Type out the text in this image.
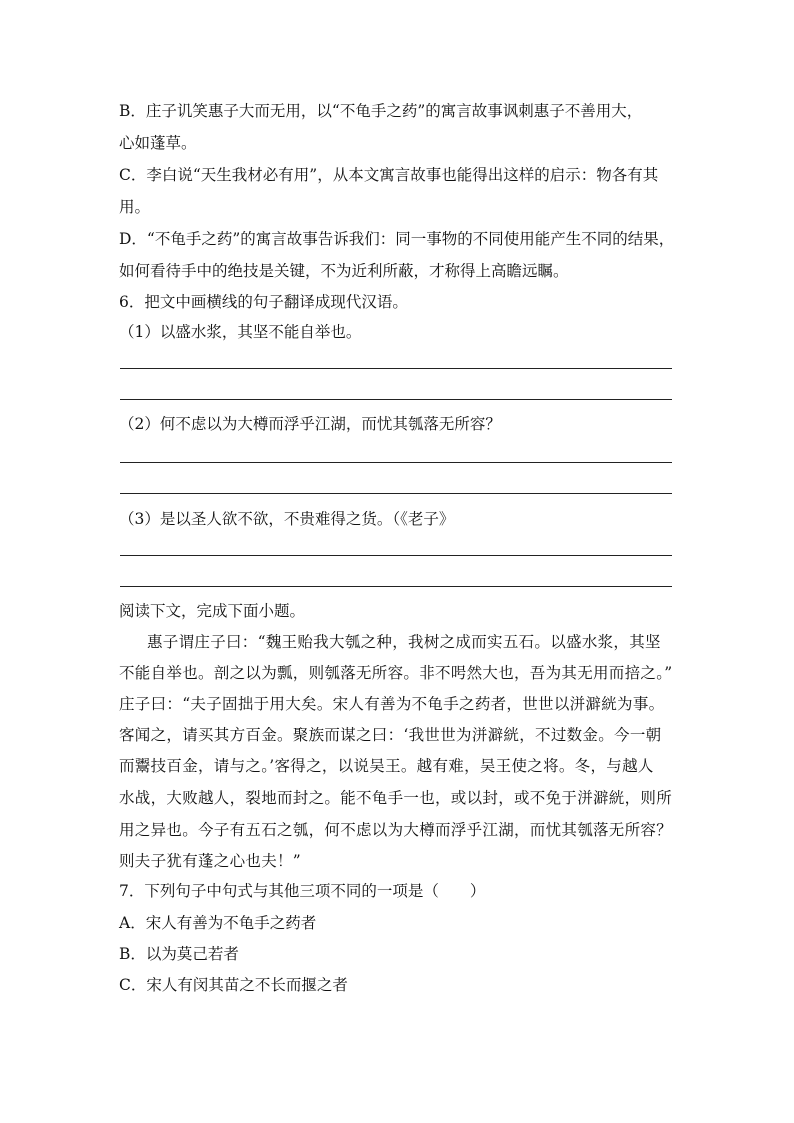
B．庄子讥笑惠子大而无用，以“不龟手之药”的寓言故事讽刺惠子不善用大，
心如蓬草。
C．李白说“天生我材必有用”，从本文寓言故事也能得出这样的启示：物各有其
用。
D．“不龟手之药”的寓言故事告诉我们：同一事物的不同使用能产生不同的结果，
如何看待手中的绝技是关键，不为近利所蔽，才称得上高瞻远瞩。
6．把文中画横线的句子翻译成现代汉语。
（1）以盛水浆，其坚不能自举也。
（2）何不虑以为大樽而浮乎江湖，而忧其瓠落无所容？
（3）是以圣人欲不欲，不贵难得之货。（《老子》
阅读下文，完成下面小题。
惠子谓庄子曰：“魏王贻我大瓠之种，我树之成而实五石。以盛水浆，其坚
不能自举也。剖之以为瓢，则瓠落无所容。非不呺然大也，吾为其无用而掊之。”
庄子曰：“夫子固拙于用大矣。宋人有善为不龟手之药者，世世以洴澼絖为事。
客闻之，请买其方百金。聚族而谋之曰：‘我世世为洴澼絖，不过数金。今一朝
而鬻技百金，请与之。’客得之，以说吴王。越有难，吴王使之将。冬，与越人
水战，大败越人，裂地而封之。能不龟手一也，或以封，或不免于洴澼絖，则所
用之异也。今子有五石之瓠，何不虑以为大樽而浮乎江湖，而忧其瓠落无所容？
则夫子犹有蓬之心也夫！”
7．下列句子中句式与其他三项不同的一项是（　　）
A．宋人有善为不龟手之药者
B．以为莫己若者
C．宋人有闵其苗之不长而揠之者
